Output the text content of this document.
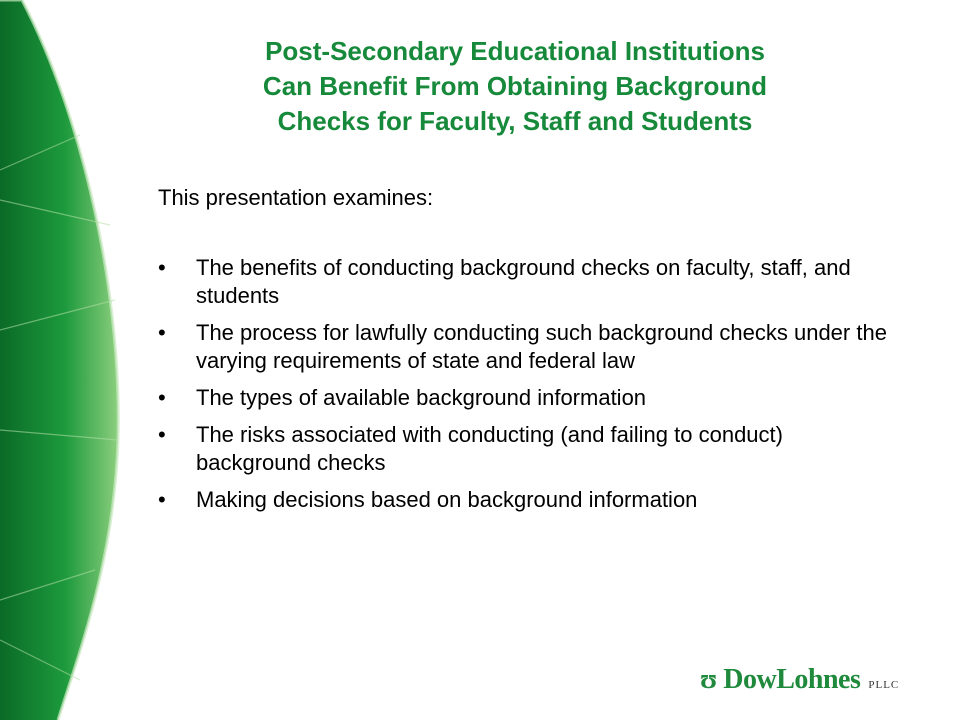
Post-Secondary Educational Institutions
Can Benefit From Obtaining Background
Checks for Faculty, Staff and Students
This presentation examines:
• The benefits of conducting background checks on faculty, staff, and students
• The process for lawfully conducting such background checks under the varying requirements of state and federal law
• The types of available background information
• The risks associated with conducting (and failing to conduct) background checks
• Making decisions based on background information
ʊ DowLohnes PLLC
